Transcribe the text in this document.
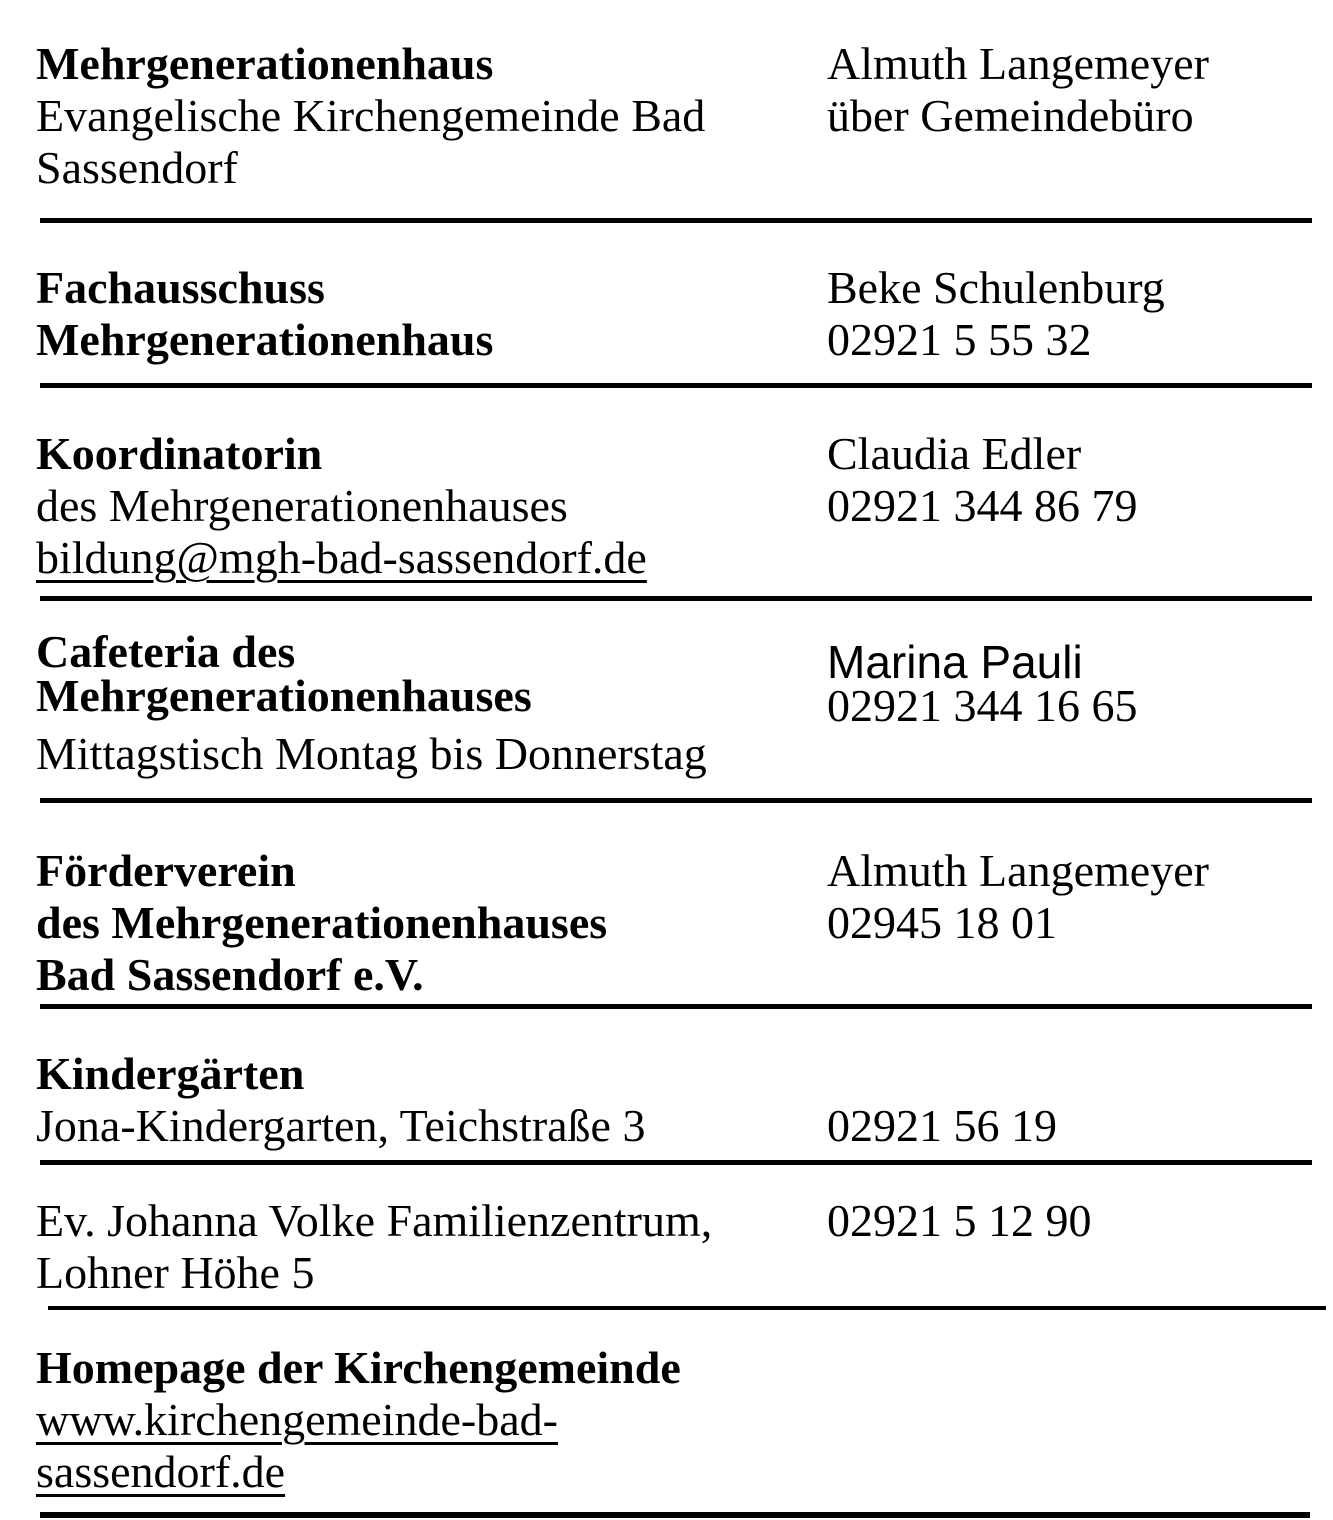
Mehrgenerationenhaus

Evangelische Kirchengemeinde Bad Sassendorf

Almuth Langemeyer

über Gemeindebüro

Fachausschuss

Mehrgenerationenhaus

Beke Schulenburg

02921 5 55 32

Koordinatorin

des Mehrgenerationenhauses

bildung@mgh-bad-sassendorf.de

Claudia Edler

02921 344 86 79

Cafeteria des Mehrgenerationenhauses

Mittagstisch Montag bis Donnerstag

Marina Pauli

02921 344 16 65

Förderverein

des Mehrgenerationenhauses

Bad Sassendorf e.V.

Almuth Langemeyer

02945 18 01

Kindergärten

Jona-Kindergarten, Teichstraße 3	02921 56 19

Ev. Johanna Volke Familienzentrum, Lohner Höhe 5

02921 5 12 90

Homepage der Kirchengemeinde

www.kirchengemeinde-bad-sassendorf.de
